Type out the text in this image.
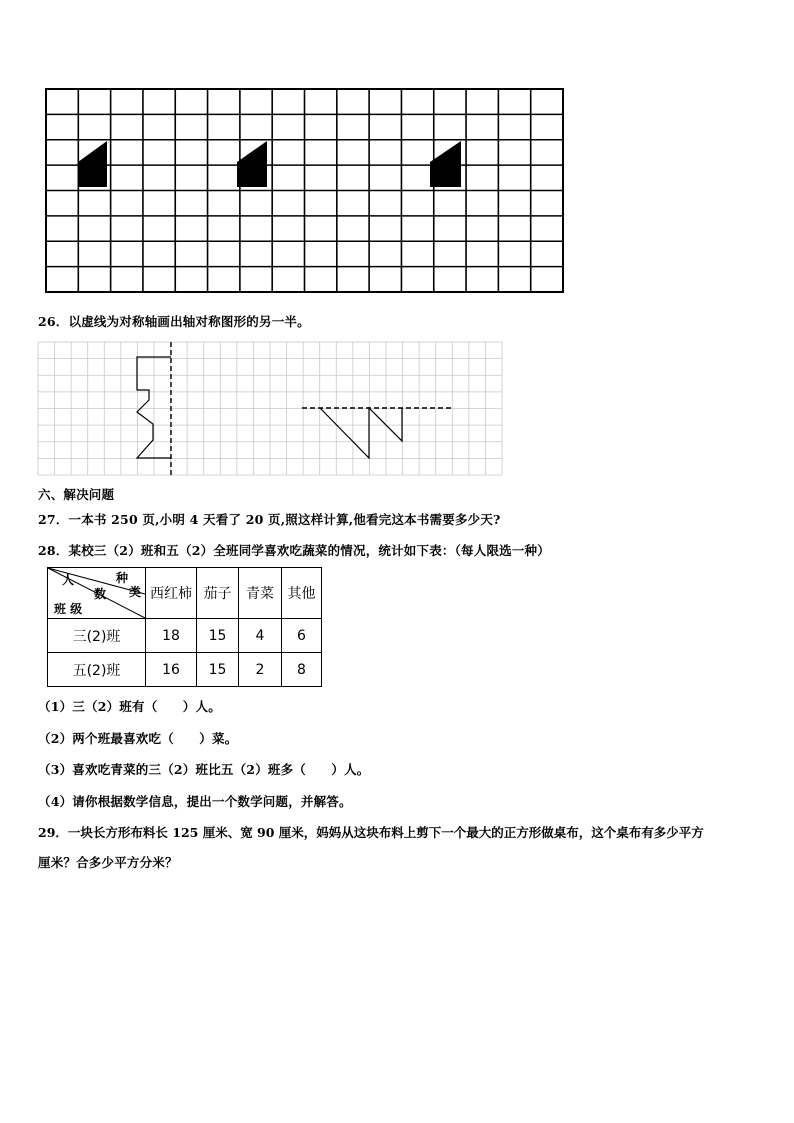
26．以虚线为对称轴画出轴对称图形的另一半。
六、解决问题
27．一本书 250 页,小明 4 天看了 20 页,照这样计算,他看完这本书需要多少天?
28．某校三（2）班和五（2）全班同学喜欢吃蔬菜的情况，统计如下表：（每人限选一种）
种
类
人
数
班 级	西红柿	茄子	青菜	其他
三(2)班	18	15	4	6
五(2)班	16	15	2	8
（1）三（2）班有（　　）人。
（2）两个班最喜欢吃（　　）菜。
（3）喜欢吃青菜的三（2）班比五（2）班多（　　）人。
（4）请你根据数学信息，提出一个数学问题，并解答。
29．一块长方形布料长 125 厘米、宽 90 厘米，妈妈从这块布料上剪下一个最大的正方形做桌布，这个桌布有多少平方
厘米？合多少平方分米？
